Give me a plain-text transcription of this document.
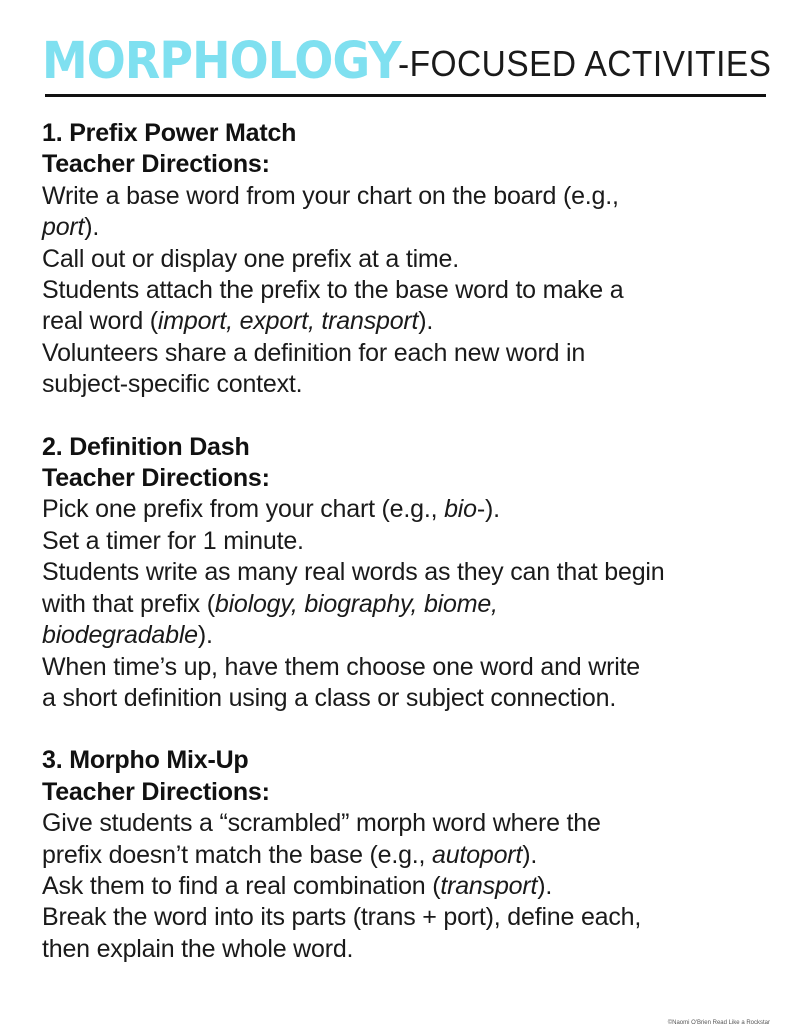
MORPHOLOGY
-FOCUSED ACTIVITIES
1. Prefix Power Match
Teacher Directions:
Write a base word from your chart on the board (e.g.,
port).
Call out or display one prefix at a time.
Students attach the prefix to the base word to make a
real word (import, export, transport).
Volunteers share a definition for each new word in
subject-specific context.
2. Definition Dash
Teacher Directions:
Pick one prefix from your chart (e.g., bio-).
Set a timer for 1 minute.
Students write as many real words as they can that begin
with that prefix (biology, biography, biome,
biodegradable).
When time’s up, have them choose one word and write
a short definition using a class or subject connection.
3. Morpho Mix-Up
Teacher Directions:
Give students a “scrambled” morph word where the
prefix doesn’t match the base (e.g., autoport).
Ask them to find a real combination (transport).
Break the word into its parts (trans + port), define each,
then explain the whole word.
©Naomi O'Brien Read Like a Rockstar
